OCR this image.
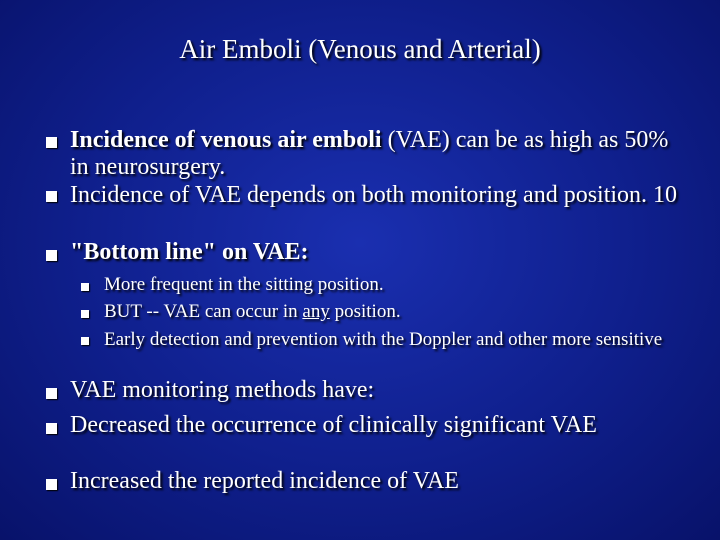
Air Emboli (Venous and Arterial)
Incidence of venous air emboli (VAE) can be as high as 50% in neurosurgery.
Incidence of VAE depends on both monitoring and position. 10
"Bottom line" on VAE:
More frequent in the sitting position.
BUT -- VAE can occur in any position.
Early detection and prevention with the Doppler and other more sensitive
VAE monitoring methods have:
Decreased the occurrence of clinically significant VAE
Increased the reported incidence of VAE
